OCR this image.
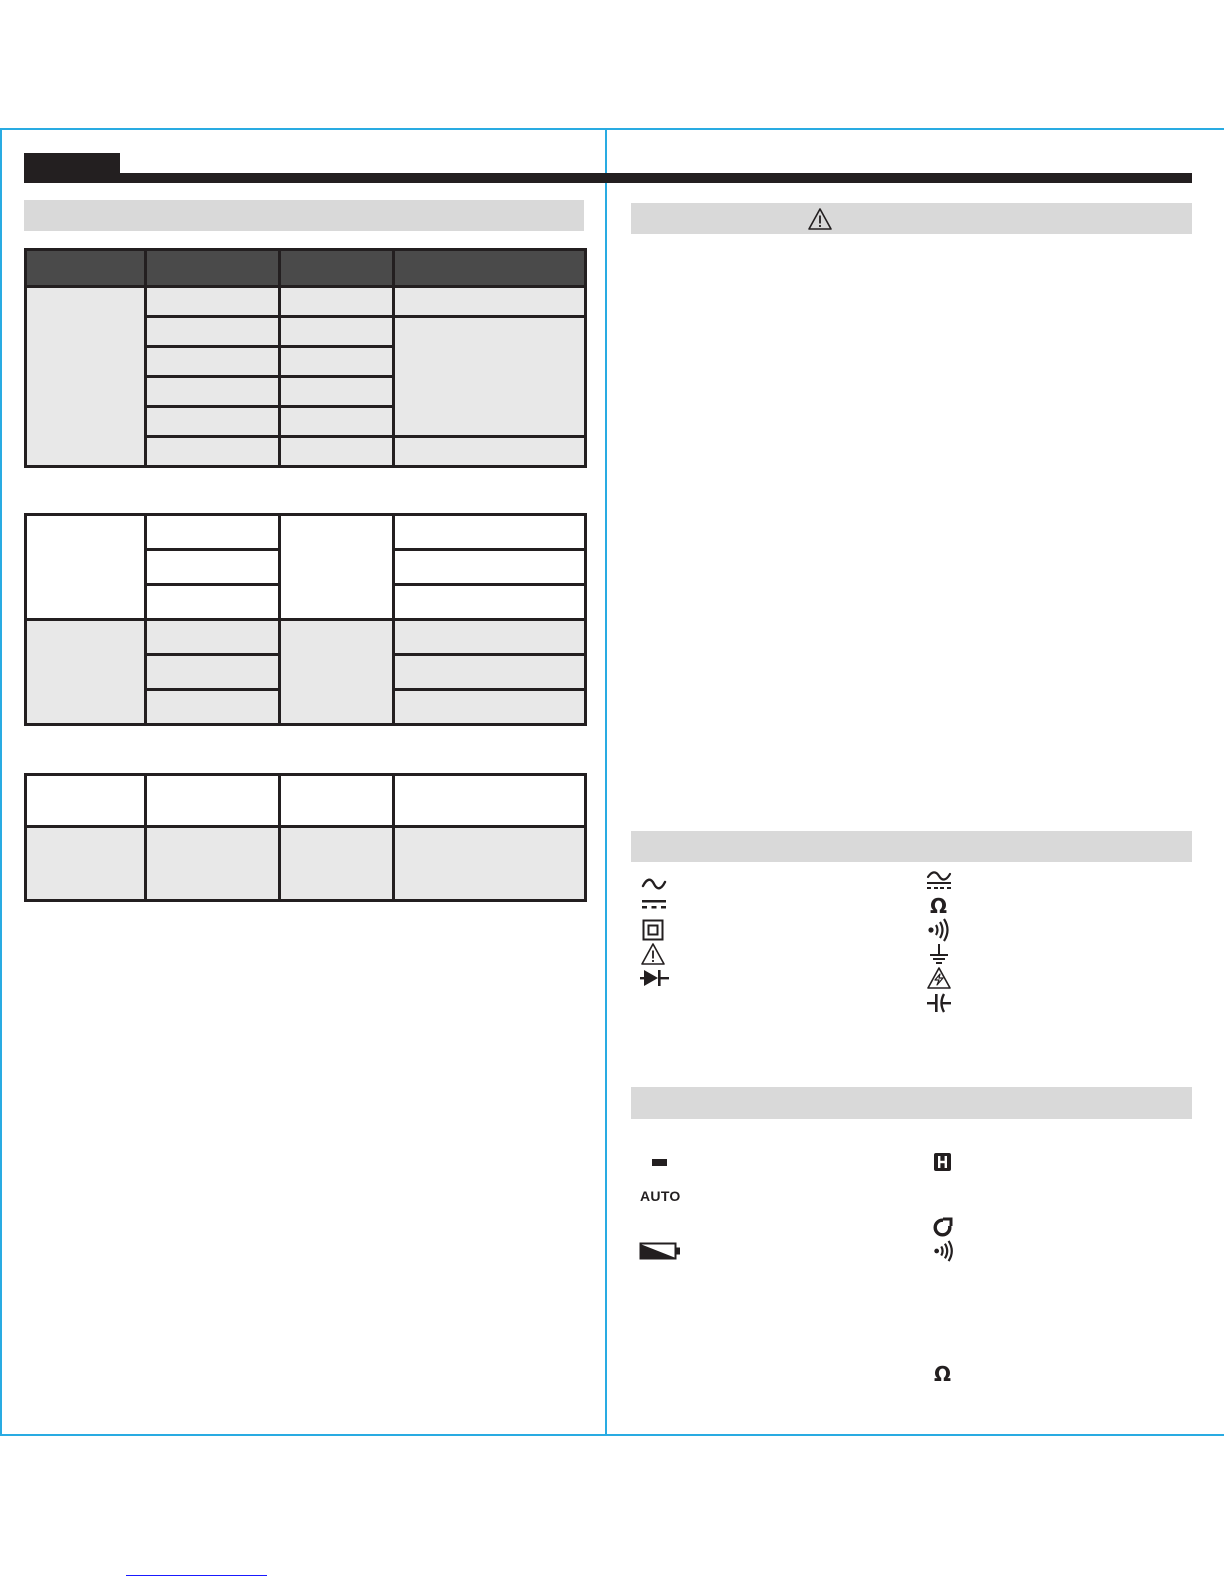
Ω
AUTO
Ω
